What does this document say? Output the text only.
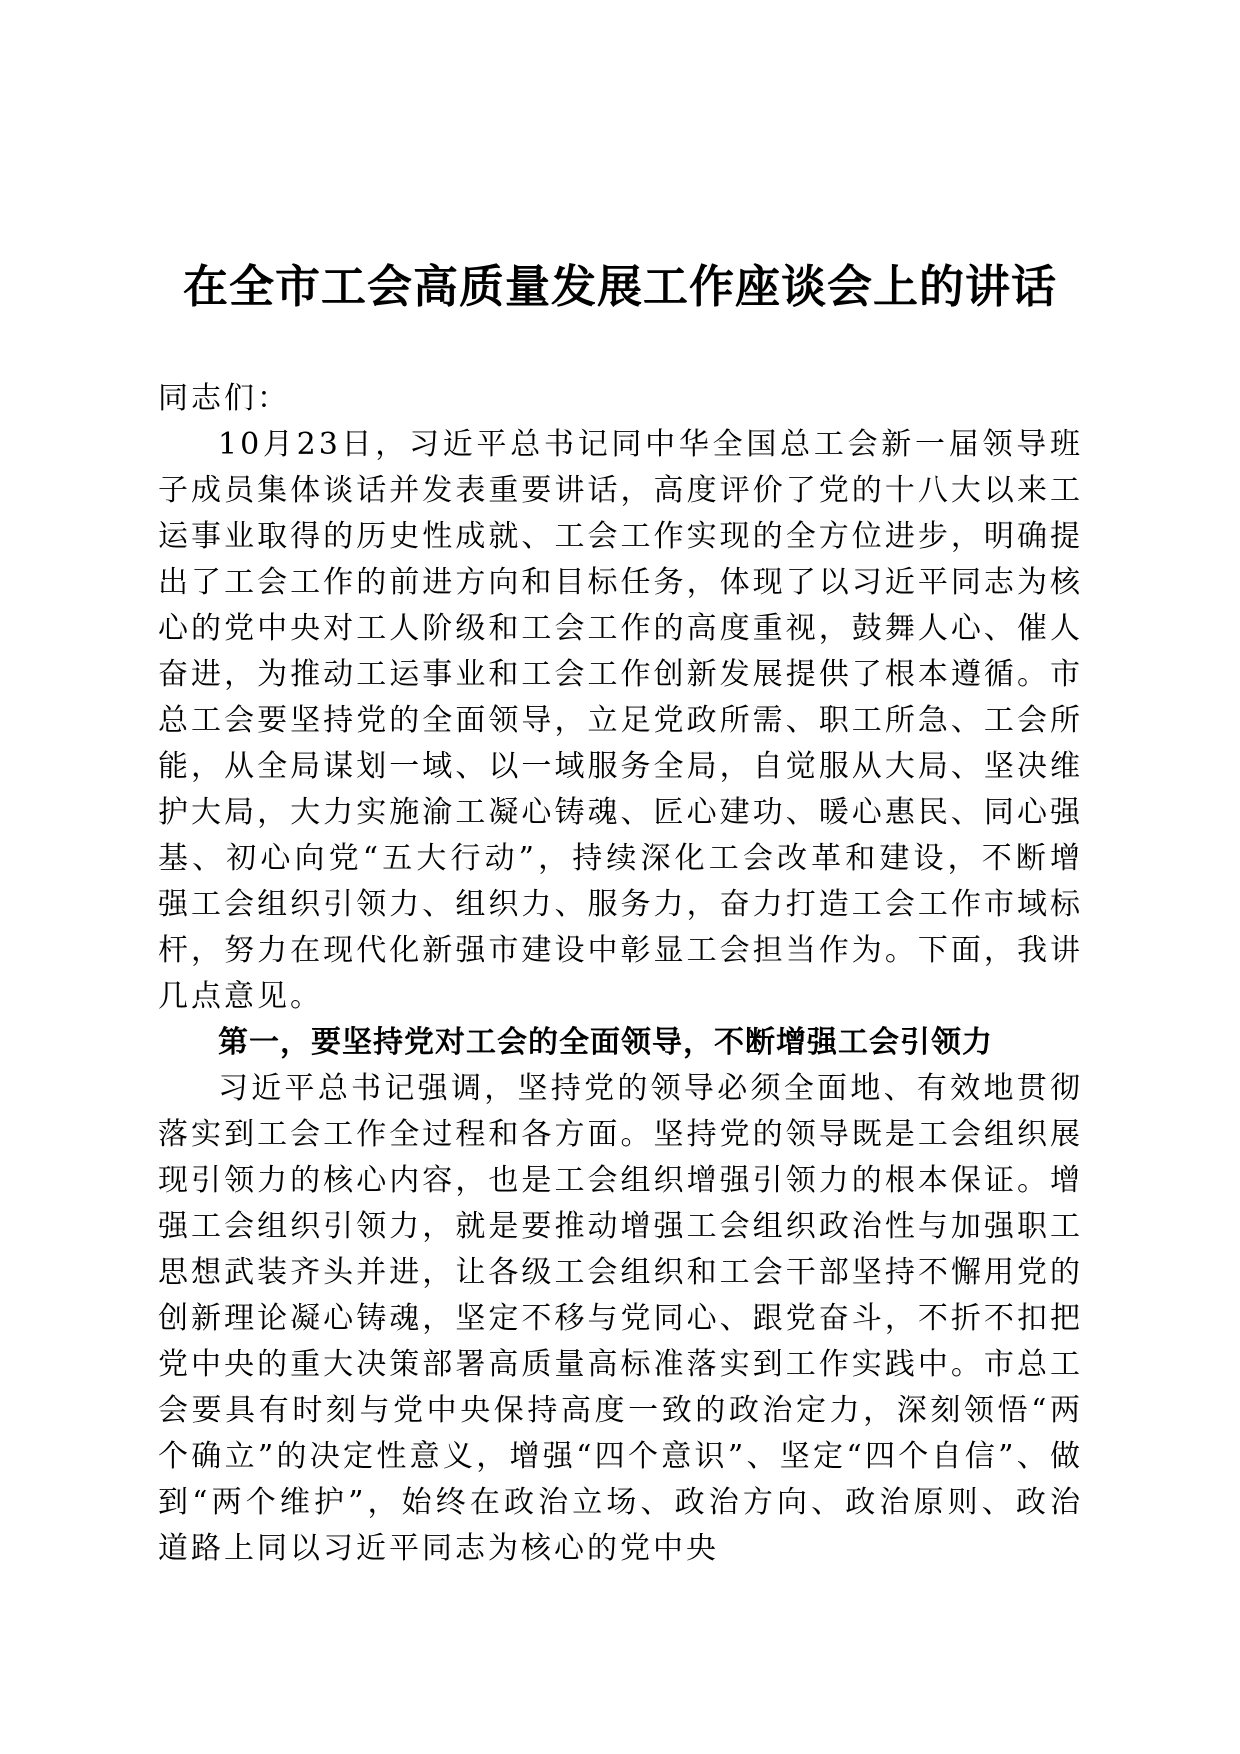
在全市工会高质量发展工作座谈会上的讲话

同志们：

10月23日，习近平总书记同中华全国总工会新一届领导班子成员集体谈话并发表重要讲话，高度评价了党的十八大以来工运事业取得的历史性成就、工会工作实现的全方位进步，明确提出了工会工作的前进方向和目标任务，体现了以习近平同志为核心的党中央对工人阶级和工会工作的高度重视，鼓舞人心、催人奋进，为推动工运事业和工会工作创新发展提供了根本遵循。市总工会要坚持党的全面领导，立足党政所需、职工所急、工会所能，从全局谋划一域、以一域服务全局，自觉服从大局、坚决维护大局，大力实施渝工凝心铸魂、匠心建功、暖心惠民、同心强基、初心向党“五大行动”，持续深化工会改革和建设，不断增强工会组织引领力、组织力、服务力，奋力打造工会工作市域标杆，努力在现代化新强市建设中彰显工会担当作为。下面，我讲几点意见。

第一，要坚持党对工会的全面领导，不断增强工会引领力

习近平总书记强调，坚持党的领导必须全面地、有效地贯彻落实到工会工作全过程和各方面。坚持党的领导既是工会组织展现引领力的核心内容，也是工会组织增强引领力的根本保证。增强工会组织引领力，就是要推动增强工会组织政治性与加强职工思想武装齐头并进，让各级工会组织和工会干部坚持不懈用党的创新理论凝心铸魂，坚定不移与党同心、跟党奋斗，不折不扣把党中央的重大决策部署高质量高标准落实到工作实践中。市总工会要具有时刻与党中央保持高度一致的政治定力，深刻领悟“两个确立”的决定性意义，增强“四个意识”、坚定“四个自信”、做到“两个维护”，始终在政治立场、政治方向、政治原则、政治道路上同以习近平同志为核心的党中央
